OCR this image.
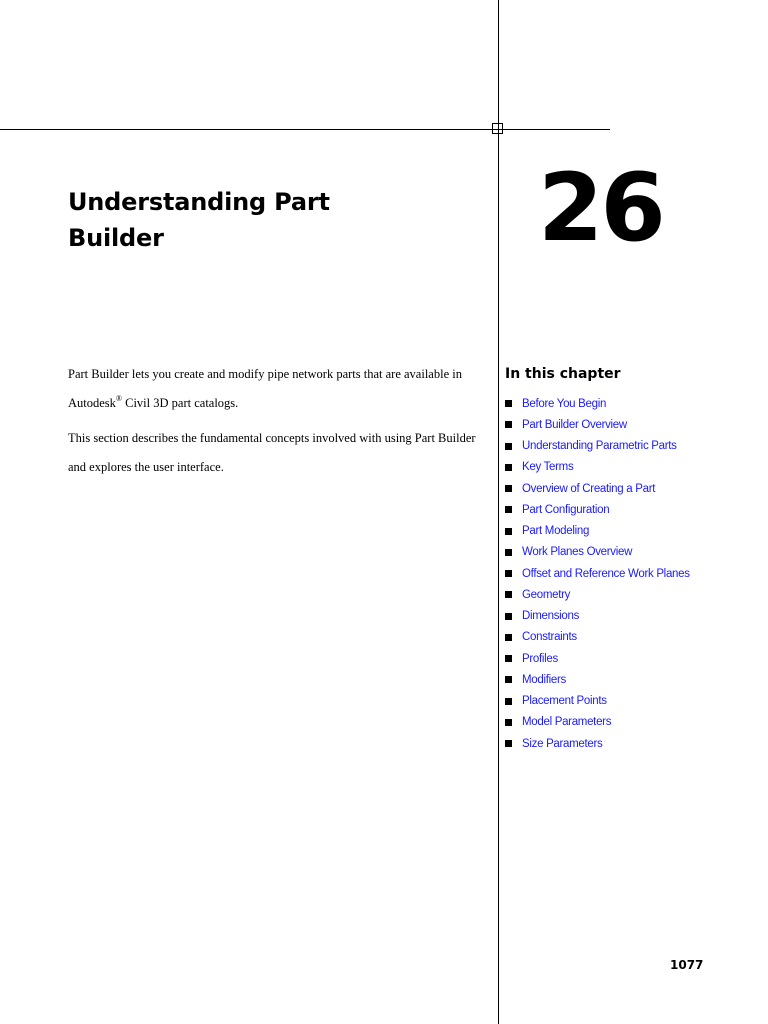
Understanding Part
Builder	26

Part Builder lets you create and modify pipe network parts that are available in Autodesk® Civil 3D part catalogs.

This section describes the fundamental concepts involved with using Part Builder and explores the user interface.

In this chapter
Before You Begin
Part Builder Overview
Understanding Parametric Parts
Key Terms
Overview of Creating a Part
Part Configuration
Part Modeling
Work Planes Overview
Offset and Reference Work Planes
Geometry
Dimensions
Constraints
Profiles
Modifiers
Placement Points
Model Parameters
Size Parameters
1077
